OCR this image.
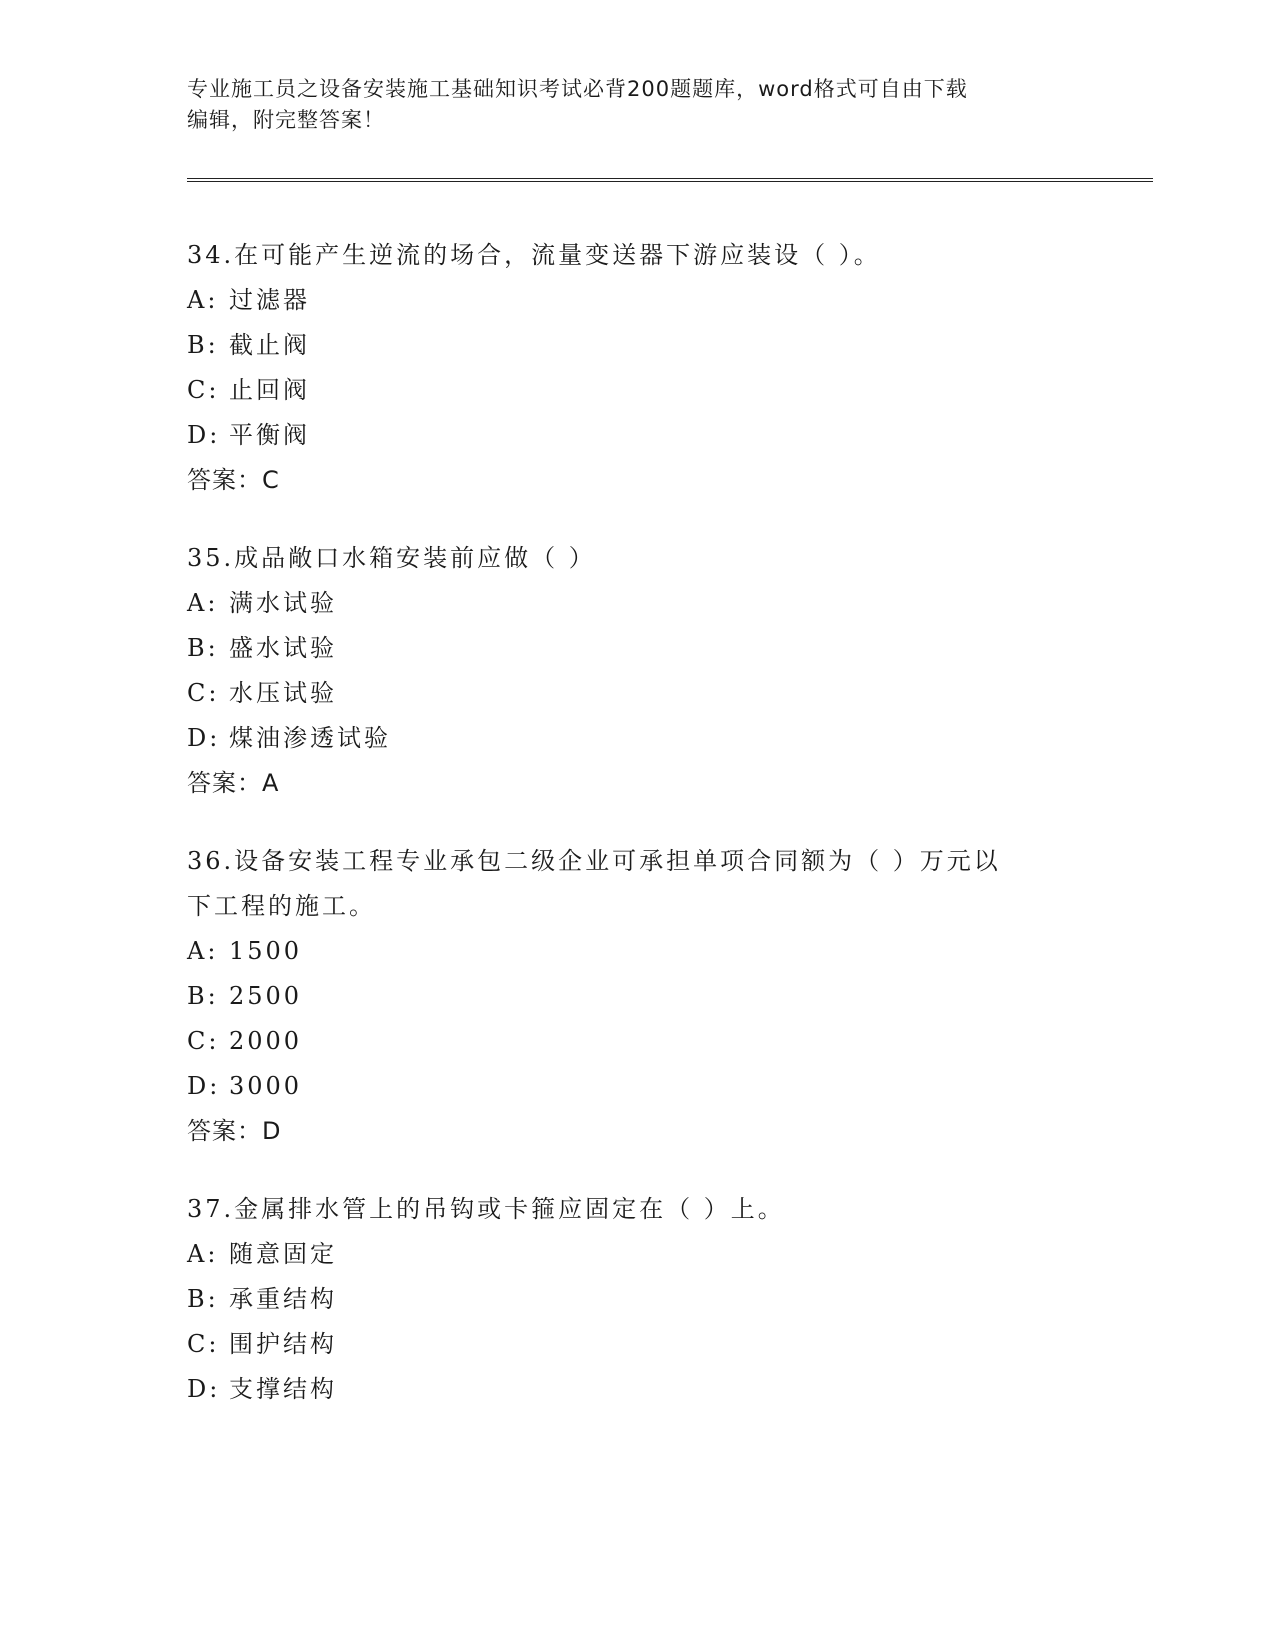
专业施工员之设备安装施工基础知识考试必背200题题库，word格式可自由下载
编辑，附完整答案！
34.在可能产生逆流的场合，流量变送器下游应装设（ ）。
A: 过滤器
B: 截止阀
C: 止回阀
D: 平衡阀
答案：C
35.成品敞口水箱安装前应做（ ）
A: 满水试验
B: 盛水试验
C: 水压试验
D: 煤油渗透试验
答案：A
36.设备安装工程专业承包二级企业可承担单项合同额为（ ）万元以
下工程的施工。
A: 1500
B: 2500
C: 2000
D: 3000
答案：D
37.金属排水管上的吊钩或卡箍应固定在（ ）上。
A: 随意固定
B: 承重结构
C: 围护结构
D: 支撑结构
